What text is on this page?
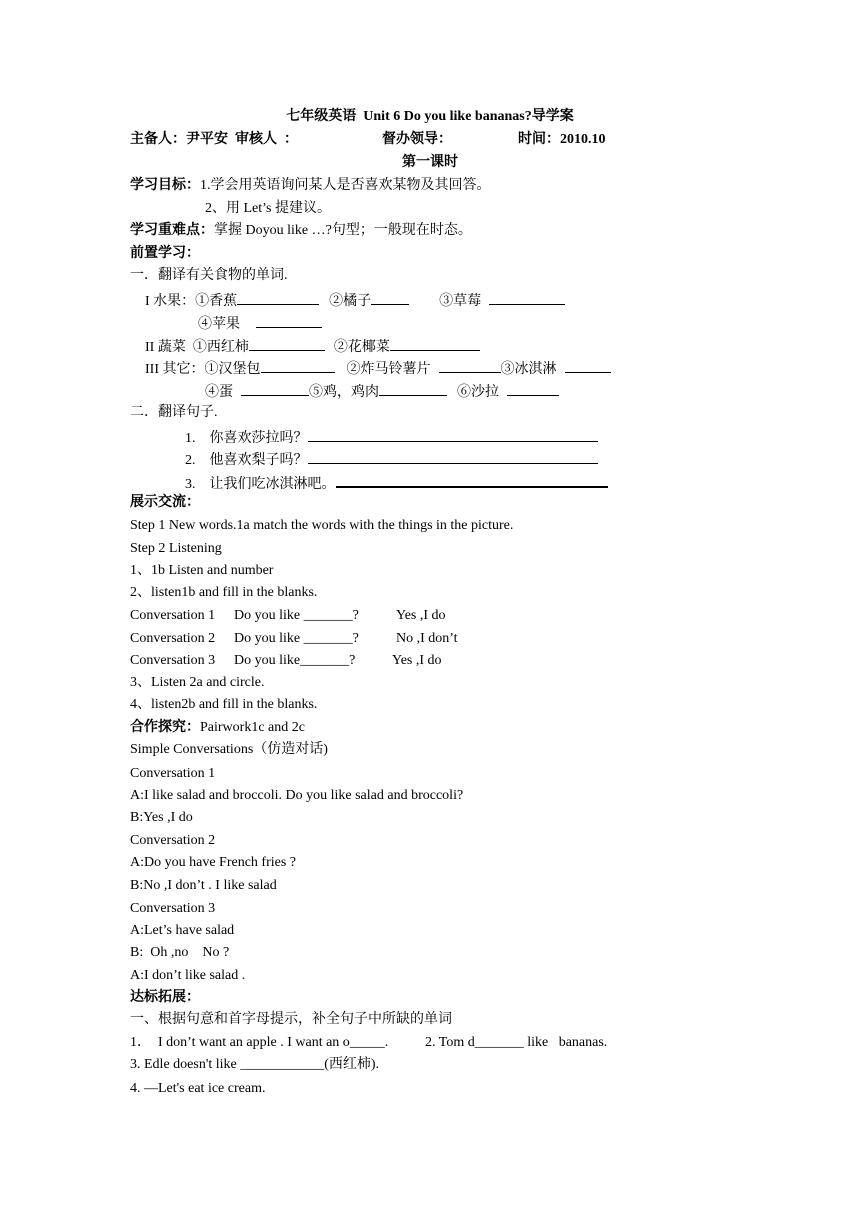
七年级英语  Unit 6 Do you like bananas?导学案
主备人：尹平安  审核人  ：	督办领导：	时间：2010.10
第一课时
学习目标：1.学会用英语询问某人是否喜欢某物及其回答。
2、用 Let’s 提建议。
学习重难点：掌握 Doyou like …?句型；一般现在时态。
前置学习：
一．翻译有关食物的单词.
I 水果：①香蕉	②橘子	③草莓
④苹果
II 蔬菜  ①西红柿	②花椰菜
III 其它：①汉堡包	②炸马铃薯片	③冰淇淋
④蛋	⑤鸡，鸡肉	⑥沙拉
二．翻译句子.
1. 你喜欢莎拉吗？
2. 他喜欢梨子吗？
3. 让我们吃冰淇淋吧。
展示交流：
Step 1 New words.1a match the words with the things in the picture.
Step 2 Listening
1、1b Listen and number
2、listen1b and fill in the blanks.
Conversation 1 Do you like _______?	Yes ,I do
Conversation 2 Do you like _______?	No ,I don’t
Conversation 3 Do you like_______?	Yes ,I do
3、Listen 2a and circle.
4、listen2b and fill in the blanks.
合作探究：Pairwork1c and 2c
Simple Conversations（仿造对话)
Conversation 1
A:I like salad and broccoli. Do you like salad and broccoli?
B:Yes ,I do
Conversation 2
A:Do you have French fries ?
B:No ,I don’t . I like salad
Conversation 3
A:Let’s have salad
B:  Oh ,no    No ?
A:I don’t like salad .
达标拓展：
一、根据句意和首字母提示，补全句子中所缺的单词
1．  I don’t want an apple . I want an o_____.	2. Tom d_______ like   bananas.
3. Edle doesn't like ____________(西红柿).
4. —Let's eat ice cream.
